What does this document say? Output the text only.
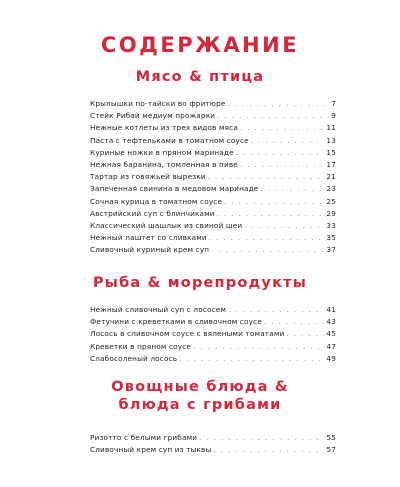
СОДЕРЖАНИЕ
Мясо & птица
Крылышки по-тайски во фритюре . . .	7
Стейк Рибай медиум прожарки . . .	9
Нежные котлеты из трех видов мяса . . .	11
Паста с тефтельками в томатном соусе . . .	13
Куриные ножки в пряном маринаде . . .	15
Нежная баранина, томленная в пиве . . .	17
Тартар из говяжьей вырезки . . .	21
Запеченная свинина в медовом маринаде . . .	23
Сочная курица в томатном соусе . . .	25
Австрийский суп с блинчиками . . .	29
Классический шашлык из свиной шеи . . .	33
Нежный паштет со сливками . . .	35
Сливочный куриный крем суп . . .	37
Рыба & морепродукты
Нежный сливочный суп с лососем . . .	41
Фетучини с креветками в сливочном соусе . . .	43
Лосось в сливочном соусе с вялеными томатами . . .	45
Креветки в пряном соусе . . .	47
Слабосоленый лосось . . .	49
Овощные блюда &
блюда с грибами
Ризотто с белыми грибами . . .	55
Сливочный крем суп из тыквы . . .	57
